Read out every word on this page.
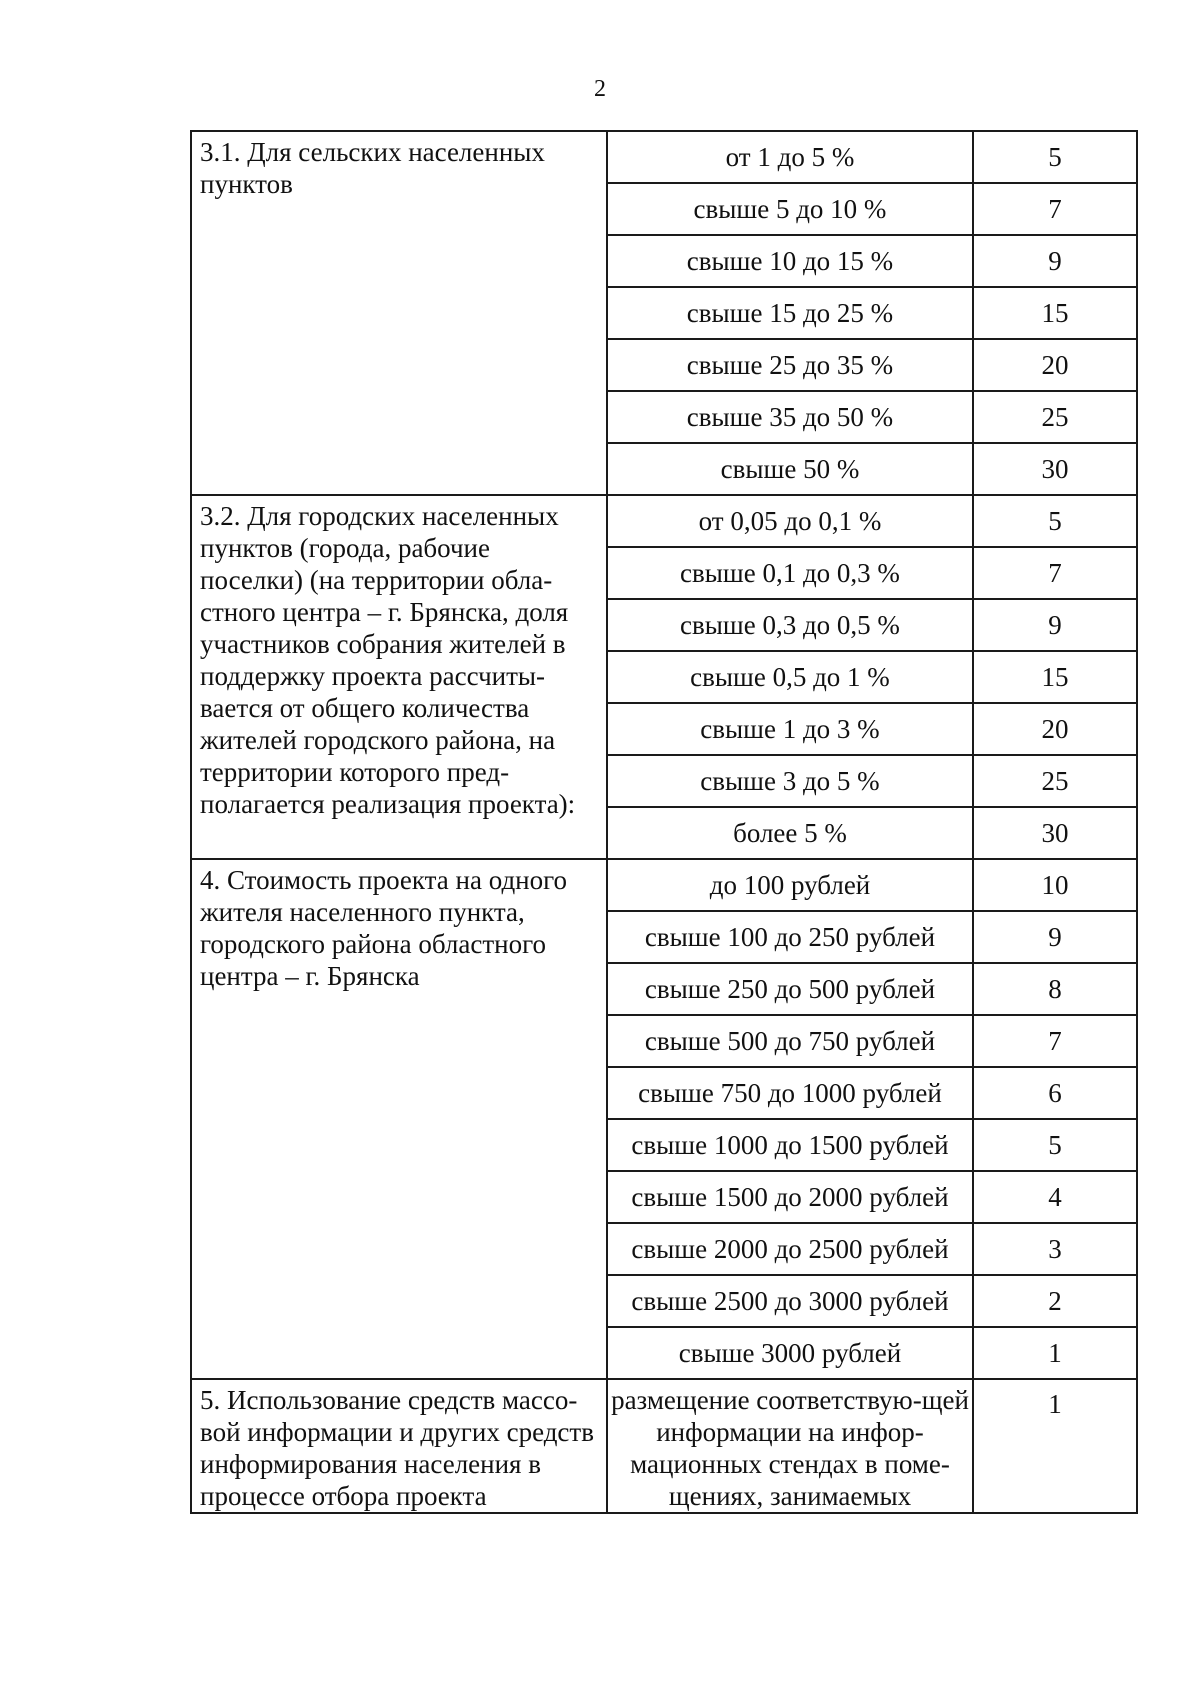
2
3.1. Для сельских населенных пунктов	от 1 до 5 %	5
	свыше 5 до 10 %	7
	свыше 10 до 15 %	9
	свыше 15 до 25 %	15
	свыше 25 до 35 %	20
	свыше 35 до 50 %	25
	свыше 50 %	30

3.2. Для городских населенных пунктов (города, рабочие поселки) (на территории обла-стного центра – г. Брянска, доля участников собрания жителей в поддержку проекта рассчиты-вается от общего количества жителей городского района, на территории которого пред-полагается реализация проекта):	от 0,05 до 0,1 %	5
	свыше 0,1 до 0,3 %	7
	свыше 0,3 до 0,5 %	9
	свыше 0,5 до 1 %	15
	свыше 1 до 3 %	20
	свыше 3 до 5 %	25
	более 5 %	30

4. Стоимость проекта на одного жителя населенного пункта, городского района областного центра – г. Брянска	до 100 рублей	10
	свыше 100 до 250 рублей	9
	свыше 250 до 500 рублей	8
	свыше 500 до 750 рублей	7
	свыше 750 до 1000 рублей	6
	свыше 1000 до 1500 рублей	5
	свыше 1500 до 2000 рублей	4
	свыше 2000 до 2500 рублей	3
	свыше 2500 до 3000 рублей	2
	свыше 3000 рублей	1

5. Использование средств массо-вой информации и других средств информирования населения в процессе отбора проекта	размещение соответствую-щей информации на инфор-мационных стендах в поме-щениях, занимаемых	1
